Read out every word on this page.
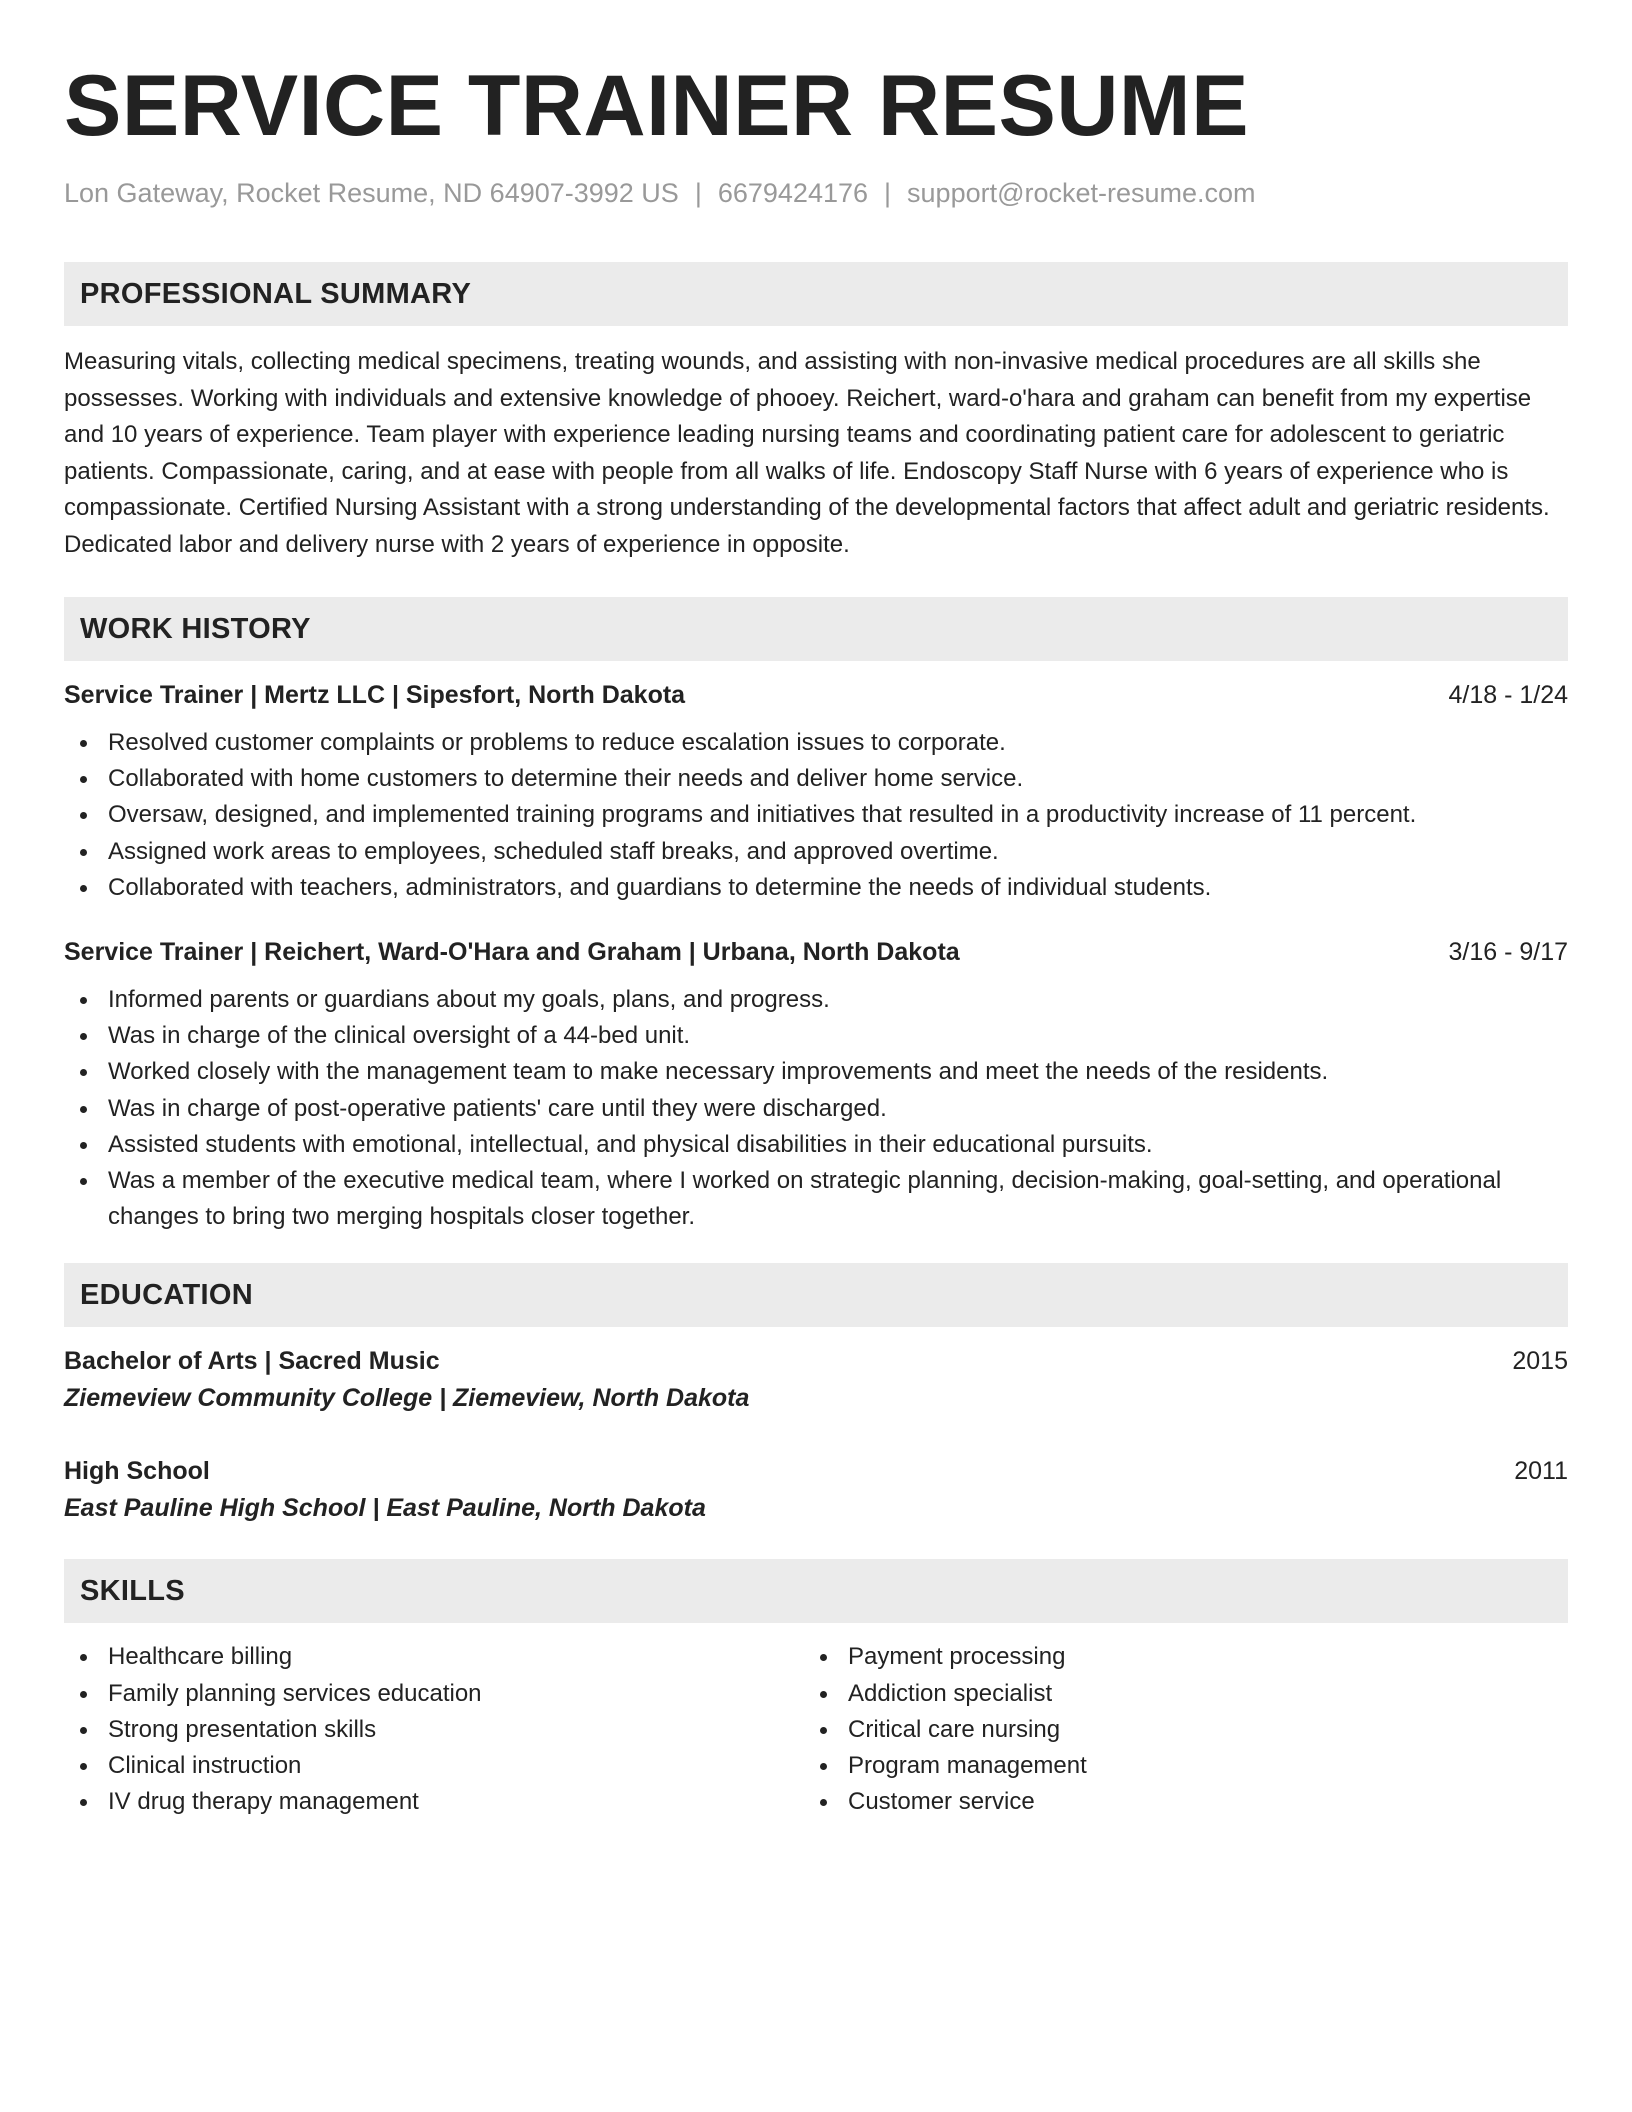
SERVICE TRAINER RESUME
Lon Gateway, Rocket Resume, ND 64907-3992 US | 6679424176 | support@rocket-resume.com
PROFESSIONAL SUMMARY
Measuring vitals, collecting medical specimens, treating wounds, and assisting with non-invasive medical procedures are all skills she possesses. Working with individuals and extensive knowledge of phooey. Reichert, ward-o'hara and graham can benefit from my expertise and 10 years of experience. Team player with experience leading nursing teams and coordinating patient care for adolescent to geriatric patients. Compassionate, caring, and at ease with people from all walks of life. Endoscopy Staff Nurse with 6 years of experience who is compassionate. Certified Nursing Assistant with a strong understanding of the developmental factors that affect adult and geriatric residents. Dedicated labor and delivery nurse with 2 years of experience in opposite.
WORK HISTORY
Service Trainer | Mertz LLC | Sipesfort, North Dakota	4/18 - 1/24
Resolved customer complaints or problems to reduce escalation issues to corporate.
Collaborated with home customers to determine their needs and deliver home service.
Oversaw, designed, and implemented training programs and initiatives that resulted in a productivity increase of 11 percent.
Assigned work areas to employees, scheduled staff breaks, and approved overtime.
Collaborated with teachers, administrators, and guardians to determine the needs of individual students.
Service Trainer | Reichert, Ward-O'Hara and Graham | Urbana, North Dakota	3/16 - 9/17
Informed parents or guardians about my goals, plans, and progress.
Was in charge of the clinical oversight of a 44-bed unit.
Worked closely with the management team to make necessary improvements and meet the needs of the residents.
Was in charge of post-operative patients' care until they were discharged.
Assisted students with emotional, intellectual, and physical disabilities in their educational pursuits.
Was a member of the executive medical team, where I worked on strategic planning, decision-making, goal-setting, and operational changes to bring two merging hospitals closer together.
EDUCATION
Bachelor of Arts | Sacred Music	2015
Ziemeview Community College | Ziemeview, North Dakota
High School	2011
East Pauline High School | East Pauline, North Dakota
SKILLS
Healthcare billing
Family planning services education
Strong presentation skills
Clinical instruction
IV drug therapy management
Payment processing
Addiction specialist
Critical care nursing
Program management
Customer service
